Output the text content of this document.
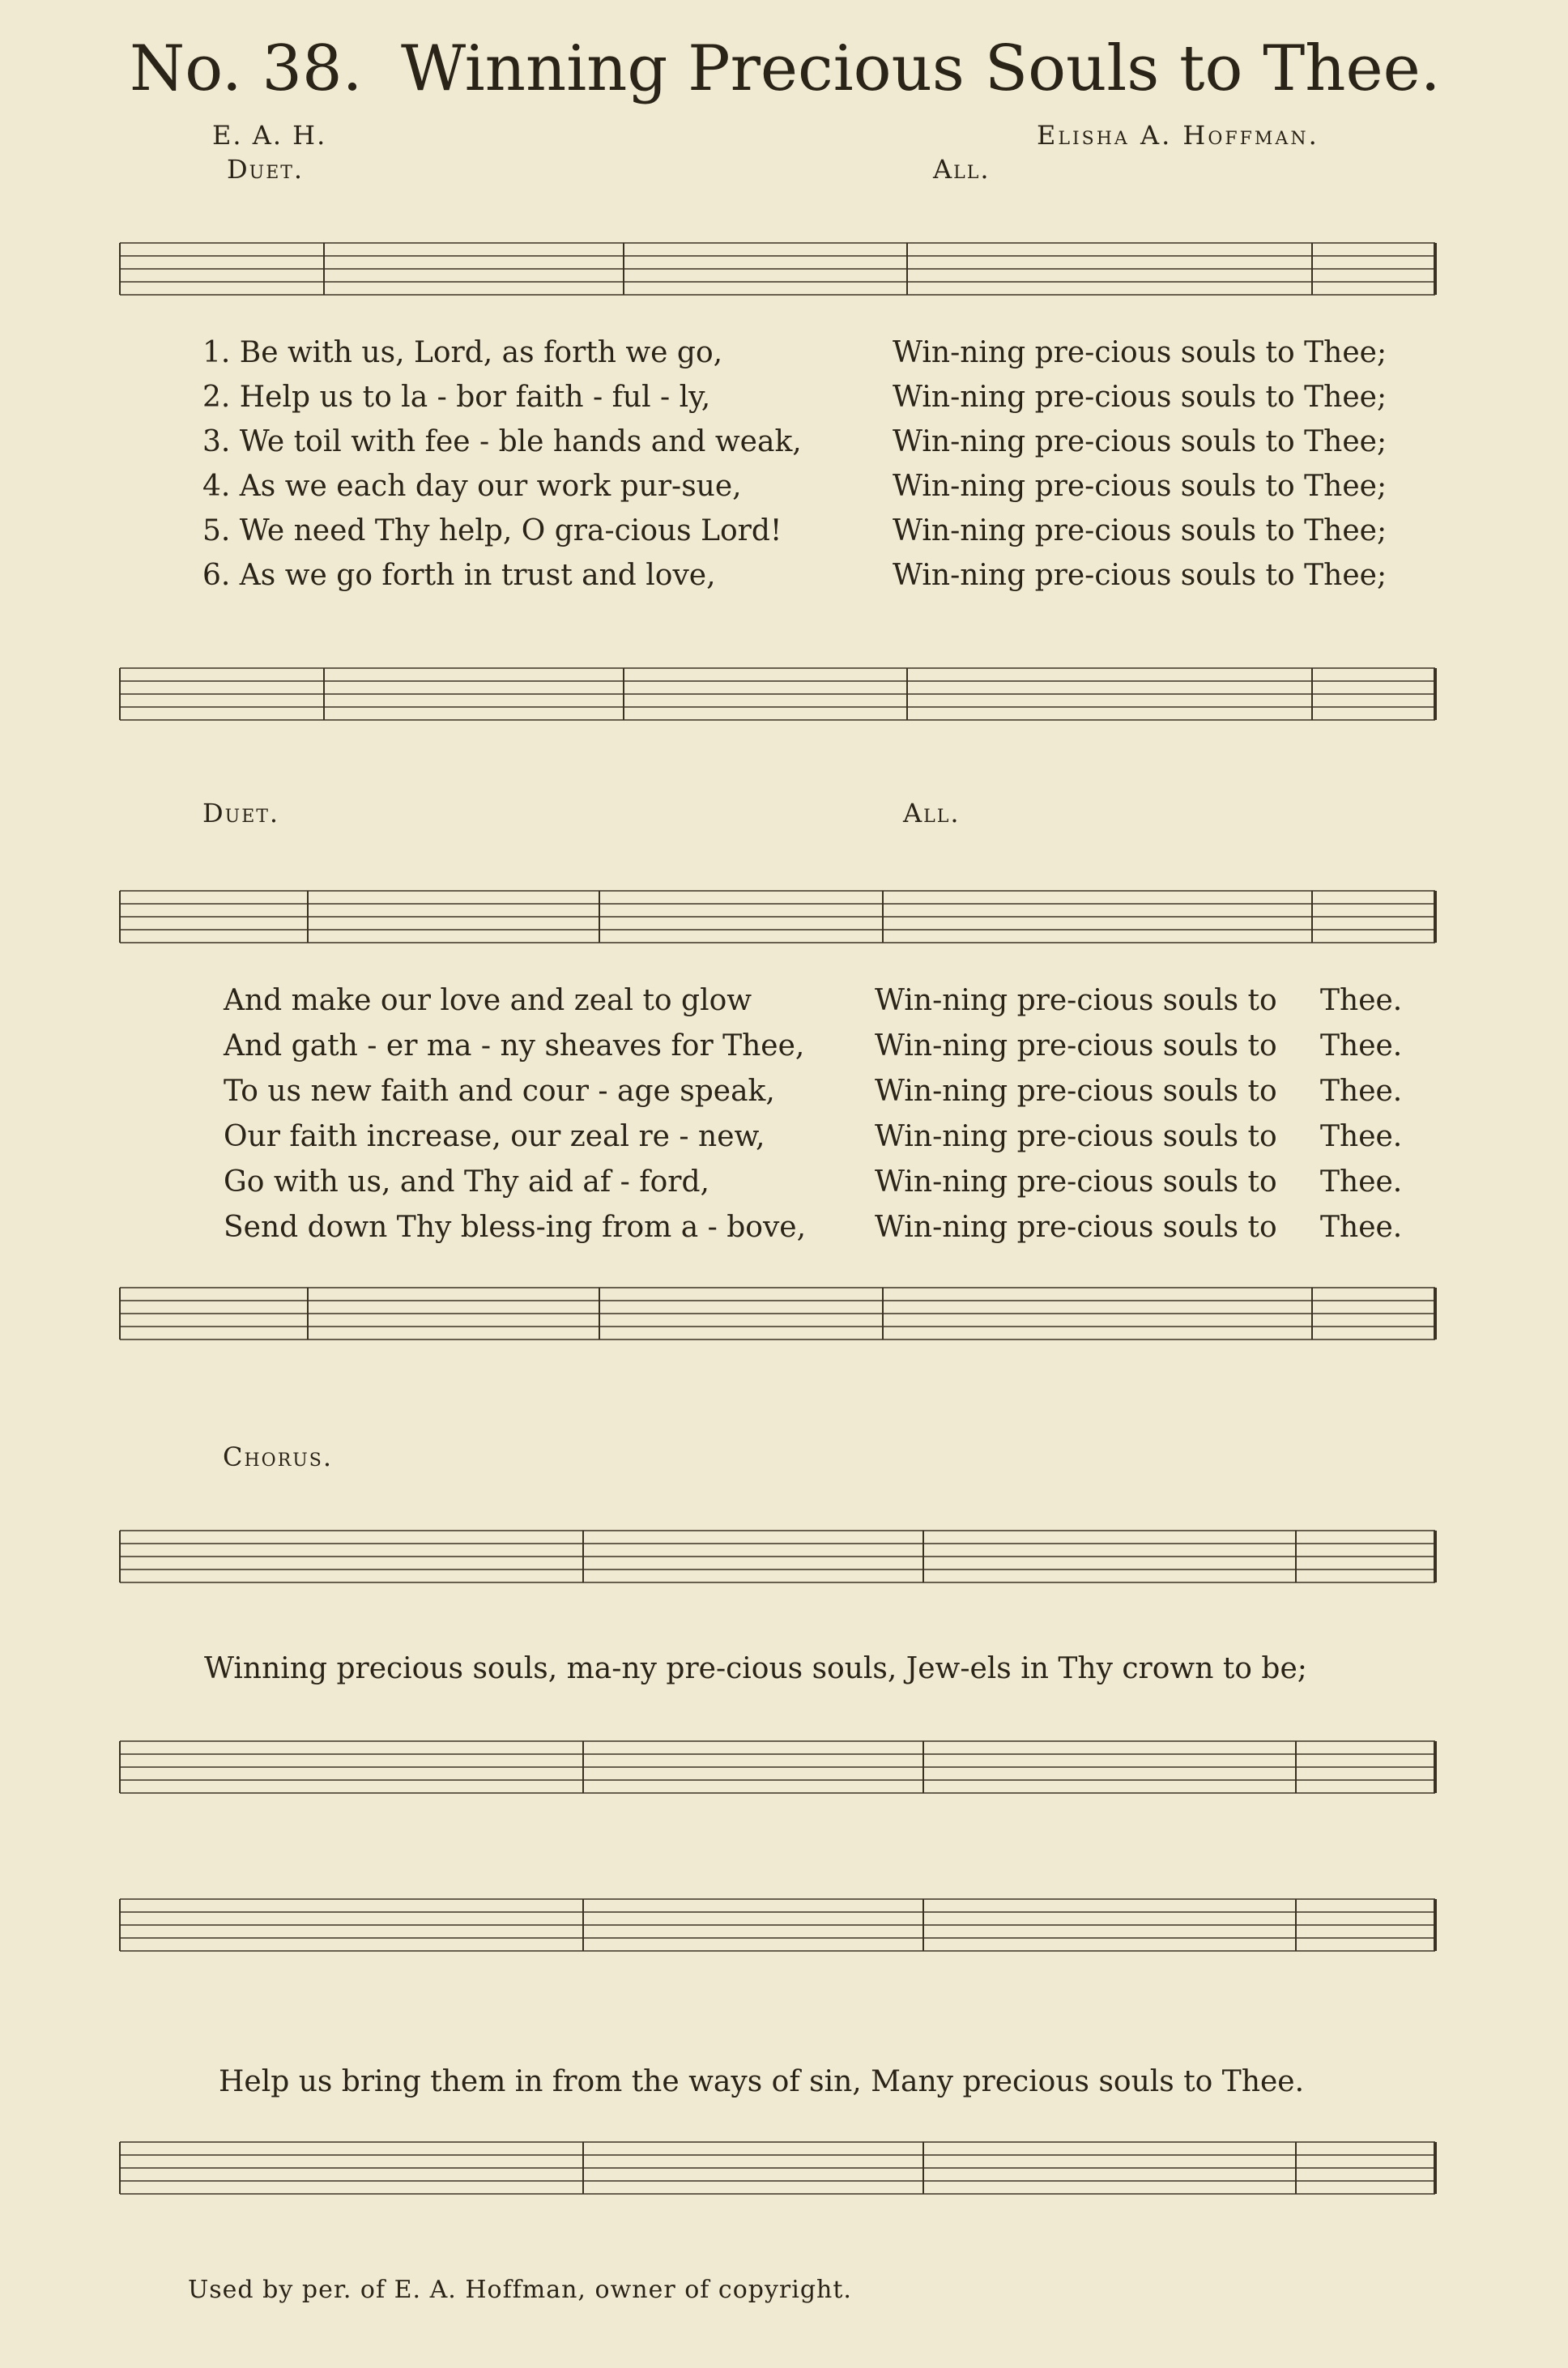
No. 38. Winning Precious Souls to Thee.
E. A. H.	Elisha A. Hoffman.
Duet.	All.
1. Be with us, Lord, as forth we go,	Win-ning pre-cious souls to Thee;
2. Help us to la - bor faith - ful - ly,	Win-ning pre-cious souls to Thee;
3. We toil with fee - ble hands and weak,	Win-ning pre-cious souls to Thee;
4. As we each day our work pur-sue,	Win-ning pre-cious souls to Thee;
5. We need Thy help, O gra-cious Lord!	Win-ning pre-cious souls to Thee;
6. As we go forth in trust and love,	Win-ning pre-cious souls to Thee;
Duet.	All.
And make our love and zeal to glow	Win-ning pre-cious souls to Thee.
And gath - er ma - ny sheaves for Thee, Win-ning pre-cious souls to Thee.
To us new faith and cour - age speak,	Win-ning pre-cious souls to Thee.
Our faith increase, our zeal re - new,	Win-ning pre-cious souls to Thee.
Go with us, and Thy aid af - ford,	Win-ning pre-cious souls to Thee.
Send down Thy bless-ing from a - bove, Win-ning pre-cious souls to Thee.
Chorus.
Winning precious souls, ma-ny pre-cious souls, Jew-els in Thy crown to be;
Help us bring them in from the ways of sin, Many precious souls to Thee.
Used by per. of E. A. Hoffman, owner of copyright.
